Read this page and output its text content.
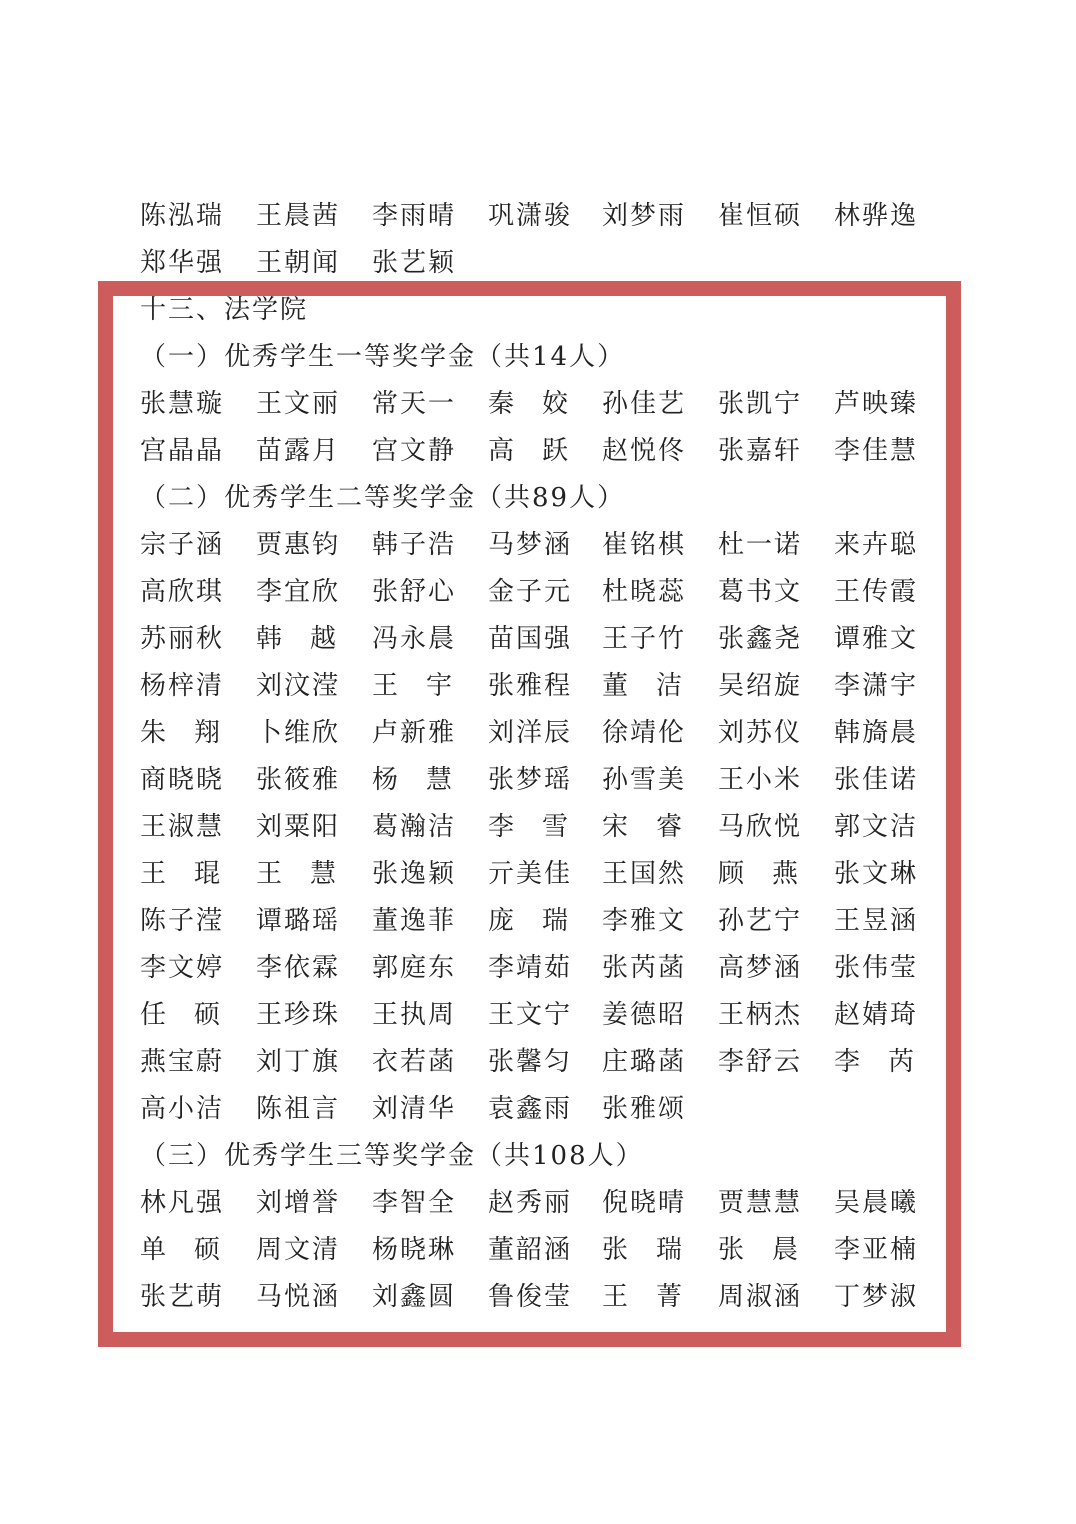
陈泓瑞 王晨茜 李雨晴 巩潇骏 刘梦雨 崔恒硕 林骅逸
郑华强 王朝闻 张艺颖
十三、法学院
（一）优秀学生一等奖学金（共14人）
张慧璇 王文丽 常天一 秦 姣 孙佳艺 张凯宁 芦映臻
宫晶晶 苗露月 宫文静 高 跃 赵悦佟 张嘉轩 李佳慧
（二）优秀学生二等奖学金（共89人）
宗子涵 贾惠钧 韩子浩 马梦涵 崔铭棋 杜一诺 来卉聪
高欣琪 李宜欣 张舒心 金子元 杜晓蕊 葛书文 王传霞
苏丽秋 韩 越 冯永晨 苗国强 王子竹 张鑫尧 谭雅文
杨梓清 刘汶滢 王 宇 张雅程 董 洁 吴绍旋 李潇宇
朱 翔 卜维欣 卢新雅 刘洋辰 徐靖伦 刘苏仪 韩旖晨
商晓晓 张筱雅 杨 慧 张梦瑶 孙雪美 王小米 张佳诺
王淑慧 刘粟阳 葛瀚洁 李 雪 宋 睿 马欣悦 郭文洁
王 琨 王 慧 张逸颖 亓美佳 王国然 顾 燕 张文琳
陈子滢 谭璐瑶 董逸菲 庞 瑞 李雅文 孙艺宁 王昱涵
李文婷 李依霖 郭庭东 李靖茹 张芮菡 高梦涵 张伟莹
任 硕 王珍珠 王执周 王文宁 姜德昭 王柄杰 赵婧琦
燕宝蔚 刘丁旗 衣若菡 张馨匀 庄璐菡 李舒云 李 芮
高小洁 陈祖言 刘清华 袁鑫雨 张雅颂
（三）优秀学生三等奖学金（共108人）
林凡强 刘增誉 李智全 赵秀丽 倪晓晴 贾慧慧 吴晨曦
单 硕 周文清 杨晓琳 董韶涵 张 瑞 张 晨 李亚楠
张艺萌 马悦涵 刘鑫圆 鲁俊莹 王 菁 周淑涵 丁梦淑
